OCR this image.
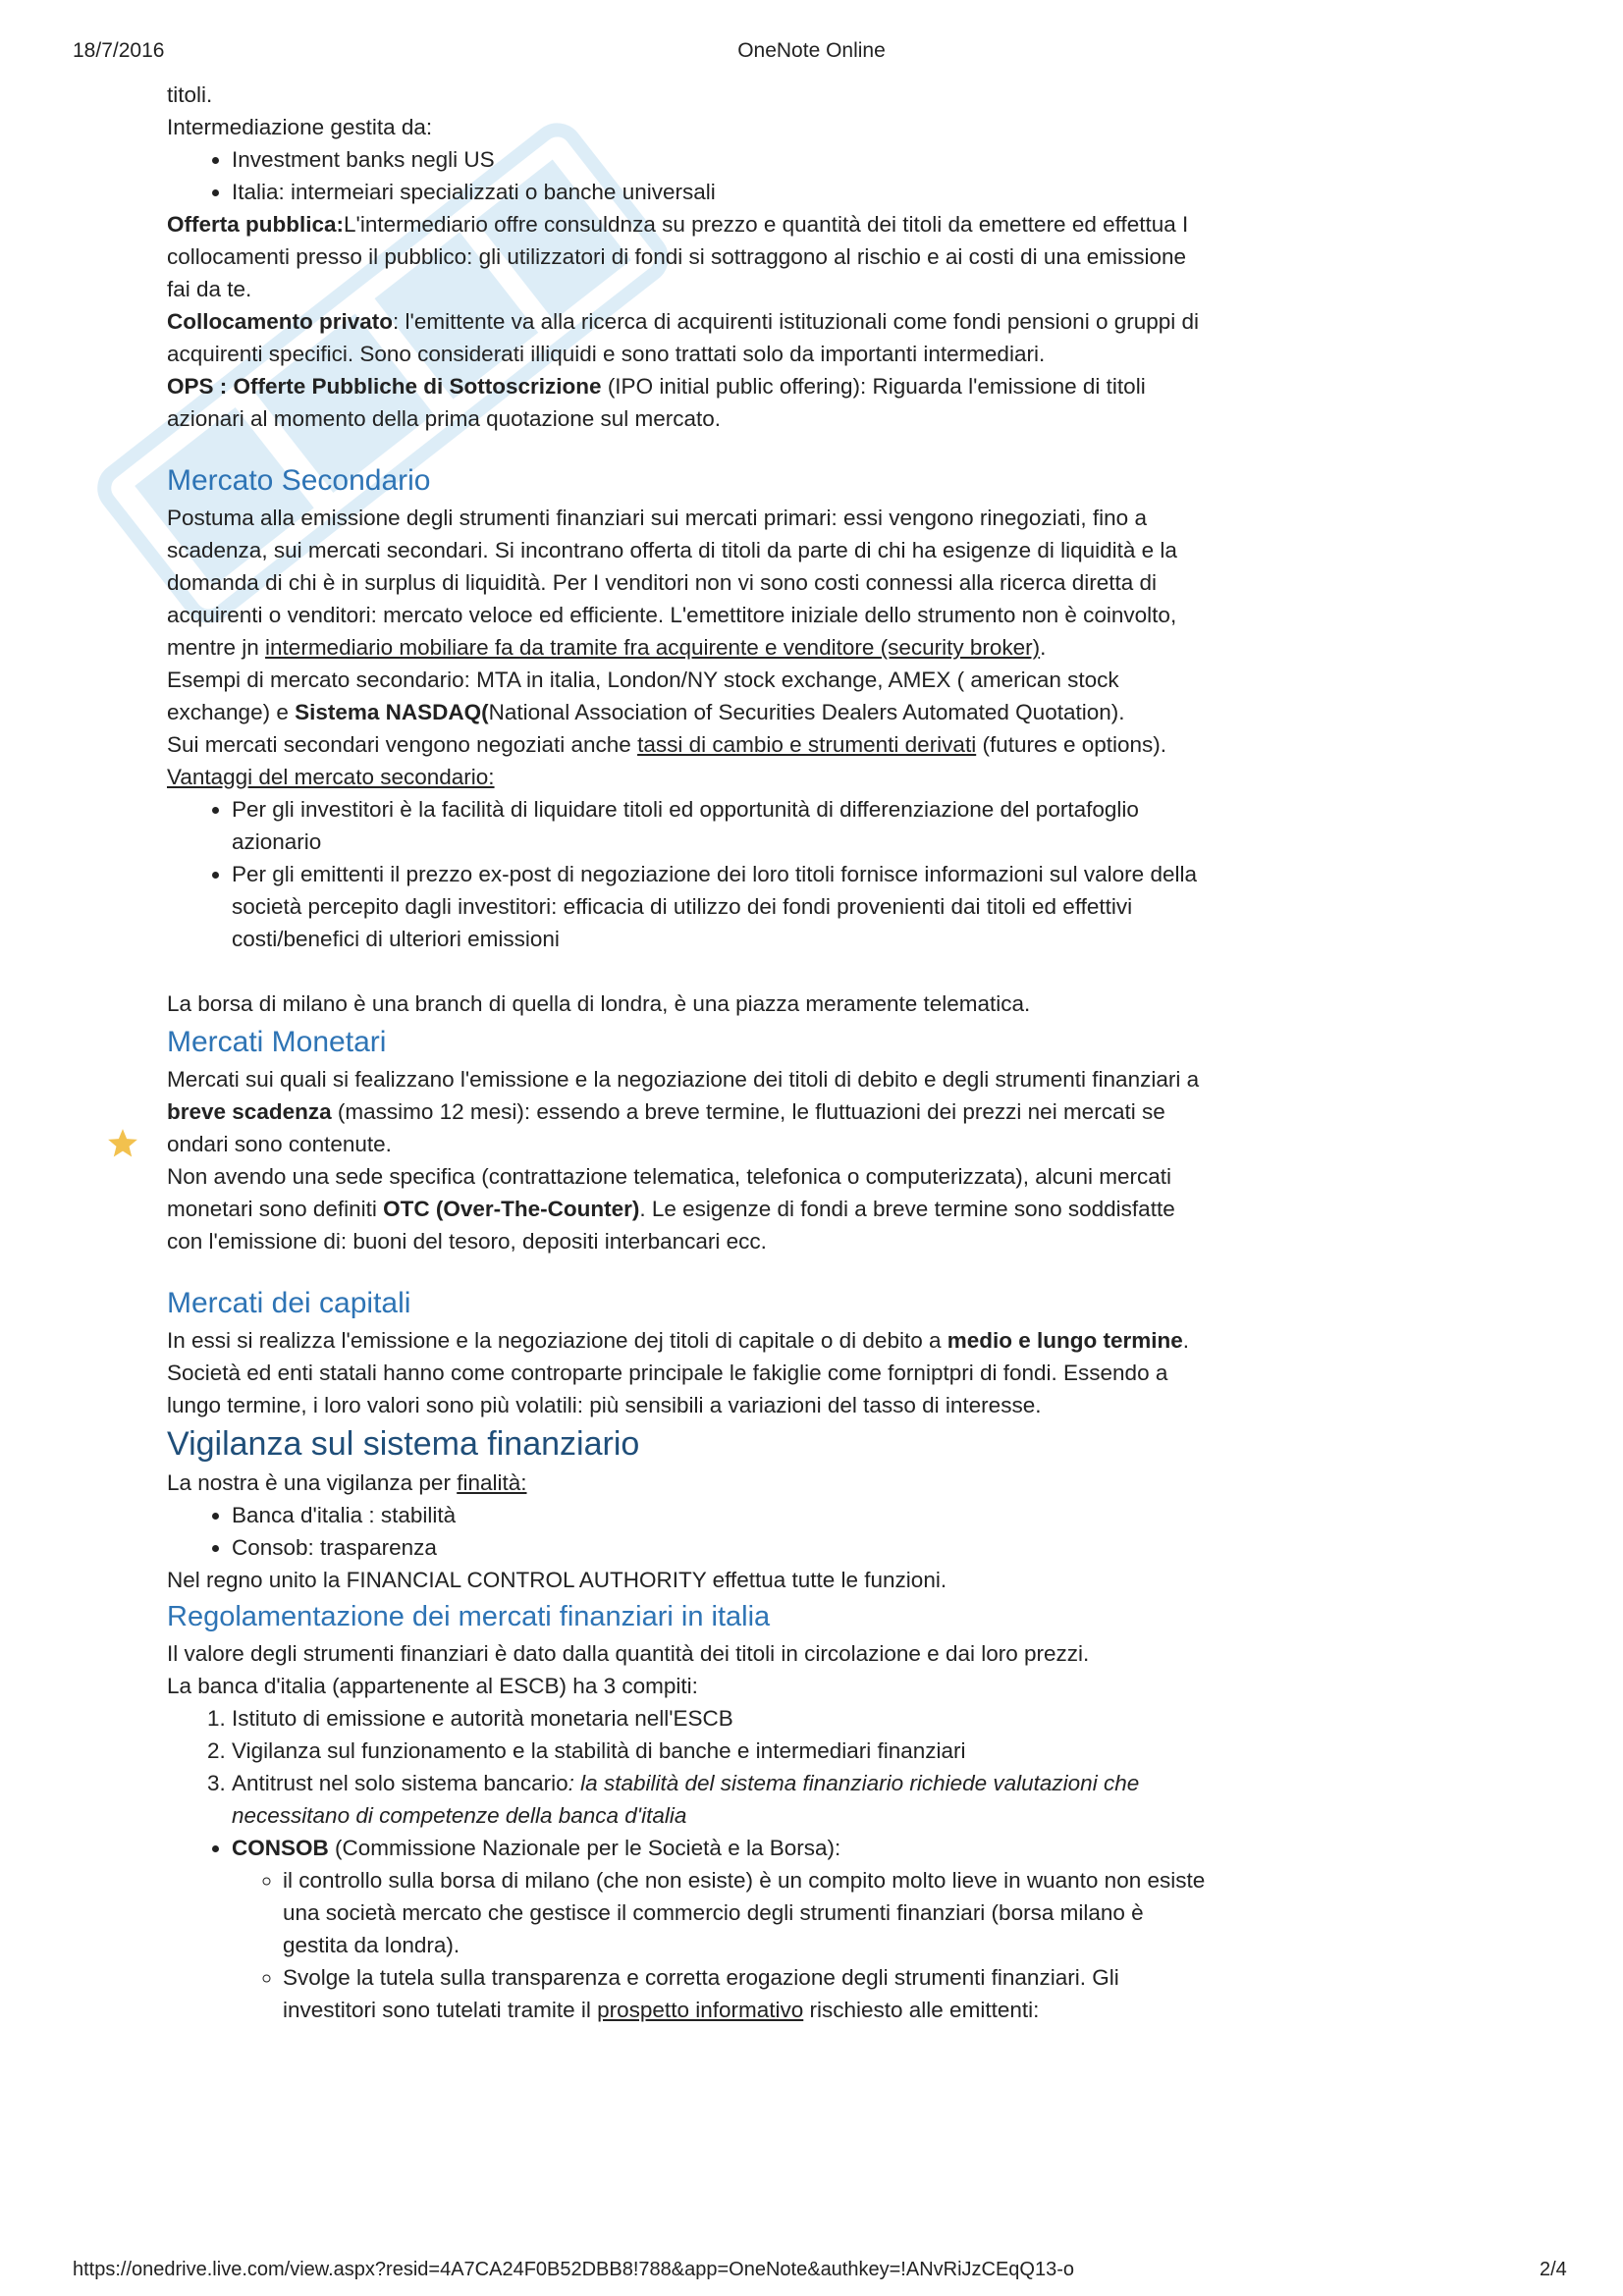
18/7/2016	OneNote Online
https://onedrive.live.com/view.aspx?resid=4A7CA24F0B52DBB8!788&app=OneNote&authkey=!ANvRiJzCEqQ13-o	2/4

titoli.

Intermediazione gestita da:

• Investment banks negli US
• Italia: intermeiari specializzati o banche universali

Offerta pubblica:L'intermediario offre consuldnza su prezzo e quantità dei titoli da emettere ed effettua I collocamenti presso il pubblico: gli utilizzatori di fondi si sottraggono al rischio e ai costi di una emissione fai da te.

Collocamento privato: l'emittente va alla ricerca di acquirenti istituzionali come fondi pensioni o gruppi di acquirenti specifici. Sono considerati illiquidi e sono trattati solo da importanti intermediari.

OPS : Offerte Pubbliche di Sottoscrizione (IPO initial public offering): Riguarda l'emissione di titoli azionari al momento della prima quotazione sul mercato.

Mercato Secondario

Postuma alla emissione degli strumenti finanziari sui mercati primari: essi vengono rinegoziati, fino a scadenza, sui mercati secondari. Si incontrano offerta di titoli da parte di chi ha esigenze di liquidità e la domanda di chi è in surplus di liquidità. Per I venditori non vi sono costi connessi alla ricerca diretta di acquirenti o venditori: mercato veloce ed efficiente. L'emettitore iniziale dello strumento non è coinvolto, mentre jn intermediario mobiliare fa da tramite fra acquirente e venditore (security broker).

Esempi di mercato secondario: MTA in italia, London/NY stock exchange, AMEX ( american stock exchange) e Sistema NASDAQ(National Association of Securities Dealers Automated Quotation).

Sui mercati secondari vengono negoziati anche tassi di cambio e strumenti derivati (futures e options).

Vantaggi del mercato secondario:

• Per gli investitori è la facilità di liquidare titoli ed opportunità di differenziazione del portafoglio azionario
• Per gli emittenti il prezzo ex-post di negoziazione dei loro titoli fornisce informazioni sul valore della società percepito dagli investitori: efficacia di utilizzo dei fondi provenienti dai titoli ed effettivi costi/benefici di ulteriori emissioni

La borsa di milano è una branch di quella di londra, è una piazza meramente telematica.

Mercati Monetari

Mercati sui quali si fealizzano l'emissione e la negoziazione dei titoli di debito e degli strumenti finanziari a breve scadenza (massimo 12 mesi): essendo a breve termine, le fluttuazioni dei prezzi nei mercati se ondari sono contenute.

Non avendo una sede specifica (contrattazione telematica, telefonica o computerizzata), alcuni mercati monetari sono definiti OTC (Over-The-Counter). Le esigenze di fondi a breve termine sono soddisfatte con l'emissione di: buoni del tesoro, depositi interbancari ecc.

Mercati dei capitali

In essi si realizza l'emissione e la negoziazione dej titoli di capitale o di debito a medio e lungo termine. Società ed enti statali hanno come controparte principale le fakiglie come forniptpri di fondi. Essendo a lungo termine, i loro valori sono più volatili: più sensibili a variazioni del tasso di interesse.

Vigilanza sul sistema finanziario

La nostra è una vigilanza per finalità:

• Banca d'italia : stabilità
• Consob: trasparenza

Nel regno unito la FINANCIAL CONTROL AUTHORITY effettua tutte le funzioni.

Regolamentazione dei mercati finanziari in italia

Il valore degli strumenti finanziari è dato dalla quantità dei titoli in circolazione e dai loro prezzi.

La banca d'italia (appartenente al ESCB) ha 3 compiti:

1. Istituto di emissione e autorità monetaria nell'ESCB
2. Vigilanza sul funzionamento e la stabilità di banche e intermediari finanziari
3. Antitrust nel solo sistema bancario: la stabilità del sistema finanziario richiede valutazioni che necessitano di competenze della banca d'italia
• CONSOB (Commissione Nazionale per le Società e la Borsa):
◦ il controllo sulla borsa di milano (che non esiste) è un compito molto lieve in wuanto non esiste una società mercato che gestisce il commercio degli strumenti finanziari (borsa milano è gestita da londra).
◦ Svolge la tutela sulla transparenza e corretta erogazione degli strumenti finanziari. Gli investitori sono tutelati tramite il prospetto informativo rischiesto alle emittenti:
